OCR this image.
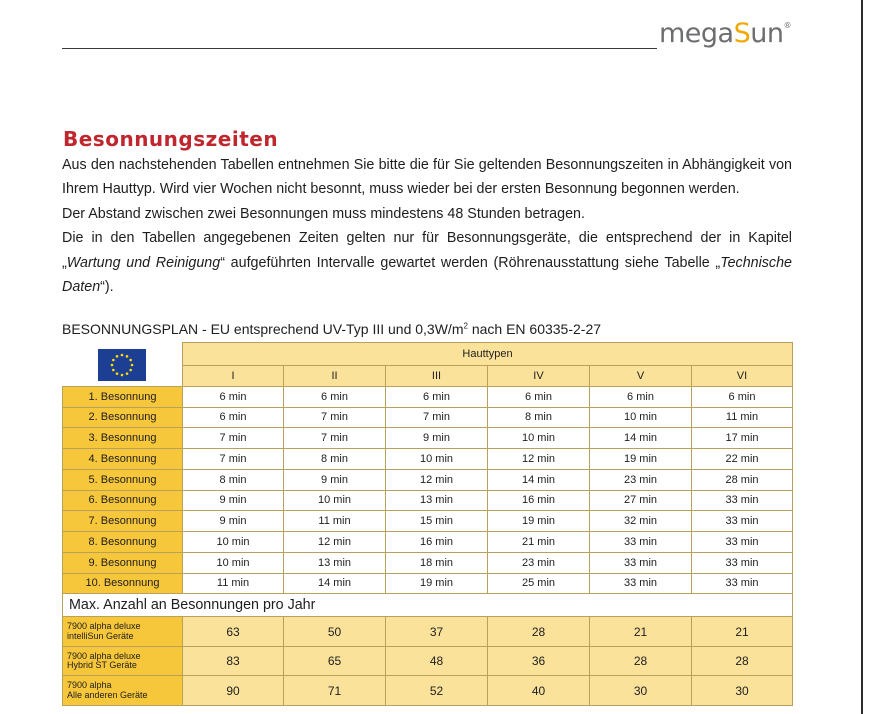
megaSun®
Besonnungszeiten

Aus den nachstehenden Tabellen entnehmen Sie bitte die für Sie geltenden Besonnungszeiten in Abhängigkeit von Ihrem Hauttyp. Wird vier Wochen nicht besonnt, muss wieder bei der ersten Besonnung begonnen werden.

Der Abstand zwischen zwei Besonnungen muss mindestens 48 Stunden betragen.

Die in den Tabellen angegebenen Zeiten gelten nur für Besonnungsgeräte, die entsprechend der in Kapitel „Wartung und Reinigung“ aufgeführten Intervalle gewartet werden (Röhrenausstattung siehe Tabelle „Technische Daten“).

BESONNUNGSPLAN - EU entsprechend UV-Typ III und $0,3W/m^2$ nach EN 60335-2-27
	Hauttypen					
	I	II	III	IV	V	VI
1. Besonnung	6 min	6 min	6 min	6 min	6 min	6 min
2. Besonnung	6 min	7 min	7 min	8 min	10 min	11 min
3. Besonnung	7 min	7 min	9 min	10 min	14 min	17 min
4. Besonnung	7 min	8 min	10 min	12 min	19 min	22 min
5. Besonnung	8 min	9 min	12 min	14 min	23 min	28 min
6. Besonnung	9 min	10 min	13 min	16 min	27 min	33 min
7. Besonnung	9 min	11 min	15 min	19 min	32 min	33 min
8. Besonnung	10 min	12 min	16 min	21 min	33 min	33 min
9. Besonnung	10 min	13 min	18 min	23 min	33 min	33 min
10. Besonnung	11 min	14 min	19 min	25 min	33 min	33 min
Max. Anzahl an Besonnungen pro Jahr						
7900 alpha deluxe
intelliSun Geräte	63	50	37	28	21	21
7900 alpha deluxe
Hybrid ST Geräte	83	65	48	36	28	28
7900 alpha
Alle anderen Geräte	90	71	52	40	30	30
